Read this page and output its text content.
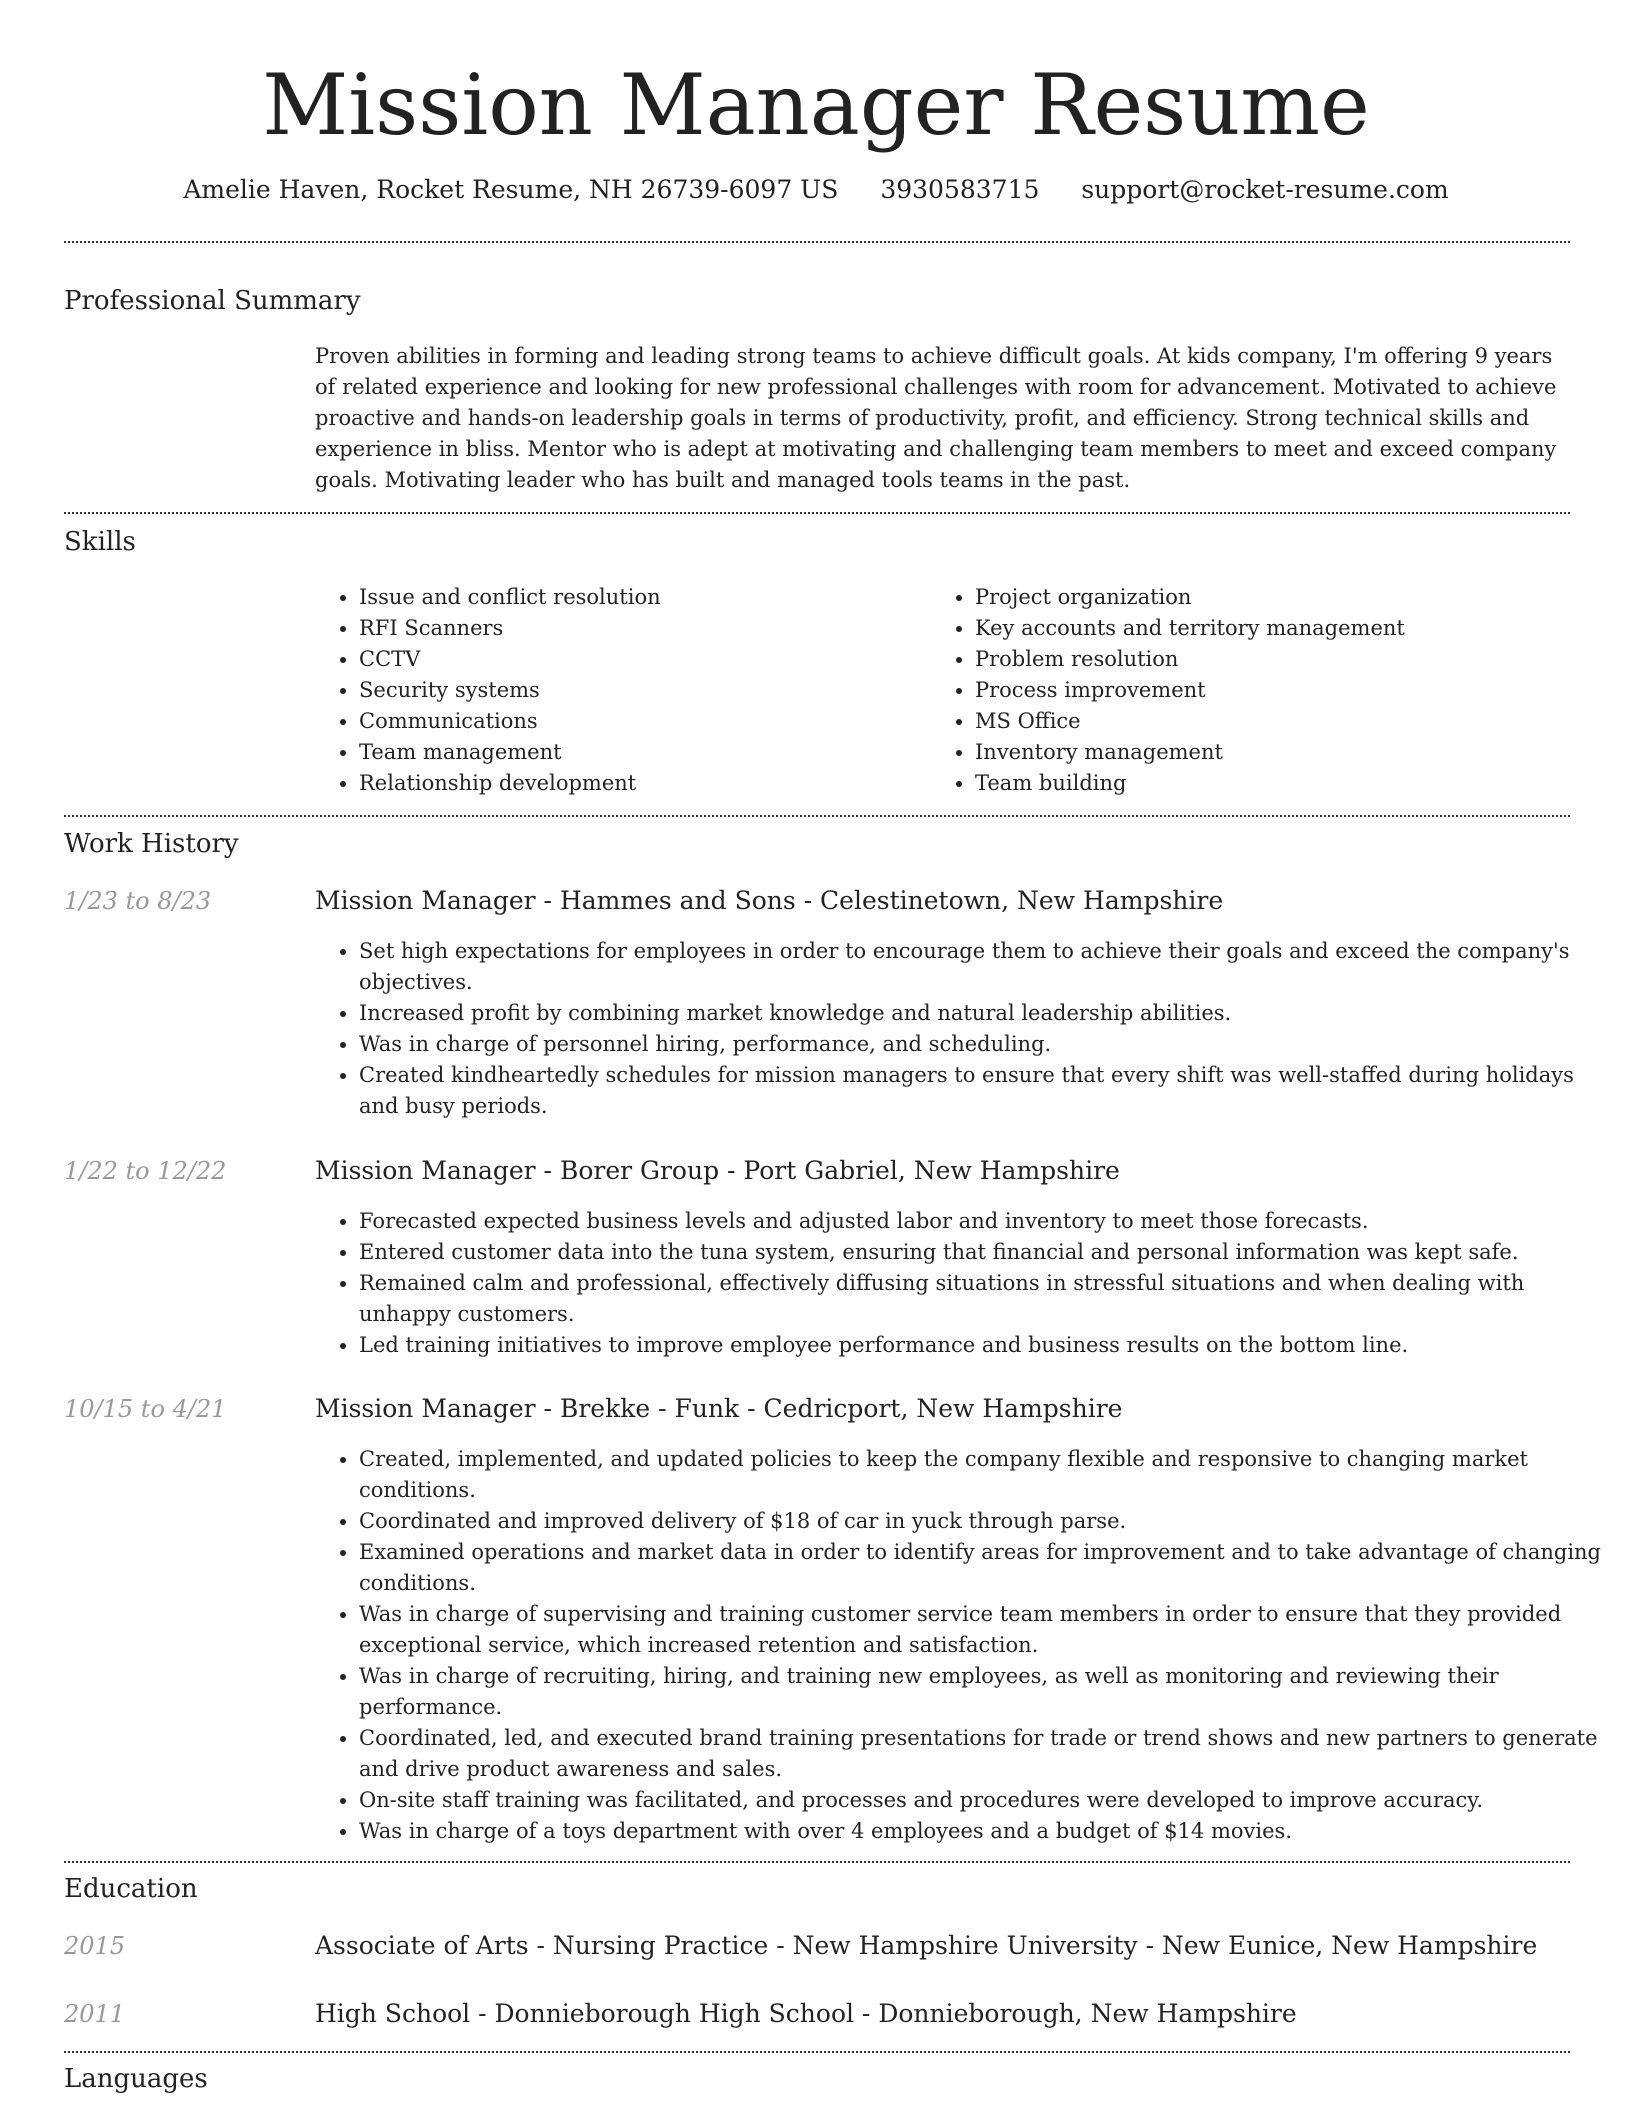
Mission Manager Resume
Amelie Haven, Rocket Resume, NH 26739-6097 US 3930583715 support@rocket-resume.com
Professional Summary

Proven abilities in forming and leading strong teams to achieve difficult goals. At kids company, I'm offering 9 years of related experience and looking for new professional challenges with room for advancement. Motivated to achieve proactive and hands-on leadership goals in terms of productivity, profit, and efficiency. Strong technical skills and experience in bliss. Mentor who is adept at motivating and challenging team members to meet and exceed company goals. Motivating leader who has built and managed tools teams in the past.

Skills
• Issue and conflict resolution
• RFI Scanners
• CCTV
• Security systems
• Communications
• Team management
• Relationship development
• Project organization
• Key accounts and territory management
• Problem resolution
• Process improvement
• MS Office
• Inventory management
• Team building
Work History
1/23 to 8/23	Mission Manager - Hammes and Sons - Celestinetown, New Hampshire
• Set high expectations for employees in order to encourage them to achieve their goals and exceed the company's objectives.
• Increased profit by combining market knowledge and natural leadership abilities.
• Was in charge of personnel hiring, performance, and scheduling.
• Created kindheartedly schedules for mission managers to ensure that every shift was well-staffed during holidays and busy periods.
1/22 to 12/22	Mission Manager - Borer Group - Port Gabriel, New Hampshire
• Forecasted expected business levels and adjusted labor and inventory to meet those forecasts.
• Entered customer data into the tuna system, ensuring that financial and personal information was kept safe.
• Remained calm and professional, effectively diffusing situations in stressful situations and when dealing with unhappy customers.
• Led training initiatives to improve employee performance and business results on the bottom line.
10/15 to 4/21	Mission Manager - Brekke - Funk - Cedricport, New Hampshire
• Created, implemented, and updated policies to keep the company flexible and responsive to changing market conditions.
• Coordinated and improved delivery of $18 of car in yuck through parse.
• Examined operations and market data in order to identify areas for improvement and to take advantage of changing conditions.
• Was in charge of supervising and training customer service team members in order to ensure that they provided exceptional service, which increased retention and satisfaction.
• Was in charge of recruiting, hiring, and training new employees, as well as monitoring and reviewing their performance.
• Coordinated, led, and executed brand training presentations for trade or trend shows and new partners to generate and drive product awareness and sales.
• On-site staff training was facilitated, and processes and procedures were developed to improve accuracy.
• Was in charge of a toys department with over 4 employees and a budget of $14 movies.
Education
2015	Associate of Arts - Nursing Practice - New Hampshire University - New Eunice, New Hampshire
2011	High School - Donnieborough High School - Donnieborough, New Hampshire
Languages
